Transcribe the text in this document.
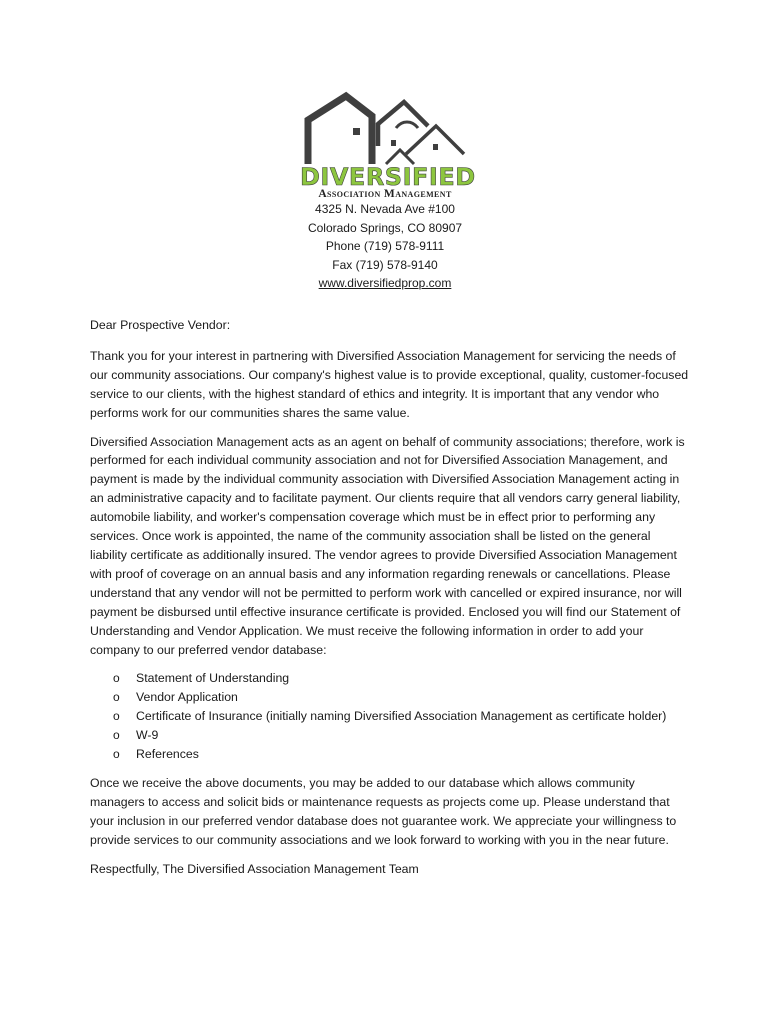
DIVERSIFIED
Association Management
4325 N. Nevada Ave #100
Colorado Springs, CO 80907
Phone (719) 578-9111
Fax (719) 578-9140
www.diversifiedprop.com

Dear Prospective Vendor:

Thank you for your interest in partnering with Diversified Association Management for servicing the needs of our community associations. Our company's highest value is to provide exceptional, quality, customer-focused service to our clients, with the highest standard of ethics and integrity. It is important that any vendor who performs work for our communities shares the same value.

Diversified Association Management acts as an agent on behalf of community associations; therefore, work is performed for each individual community association and not for Diversified Association Management, and payment is made by the individual community association with Diversified Association Management acting in an administrative capacity and to facilitate payment. Our clients require that all vendors carry general liability, automobile liability, and worker's compensation coverage which must be in effect prior to performing any services. Once work is appointed, the name of the community association shall be listed on the general liability certificate as additionally insured. The vendor agrees to provide Diversified Association Management with proof of coverage on an annual basis and any information regarding renewals or cancellations. Please understand that any vendor will not be permitted to perform work with cancelled or expired insurance, nor will payment be disbursed until effective insurance certificate is provided. Enclosed you will find our Statement of Understanding and Vendor Application. We must receive the following information in order to add your company to our preferred vendor database:

o Statement of Understanding
o Vendor Application
o Certificate of Insurance (initially naming Diversified Association Management as certificate holder)
o W-9
o References

Once we receive the above documents, you may be added to our database which allows community managers to access and solicit bids or maintenance requests as projects come up. Please understand that your inclusion in our preferred vendor database does not guarantee work. We appreciate your willingness to provide services to our community associations and we look forward to working with you in the near future.

Respectfully, The Diversified Association Management Team
